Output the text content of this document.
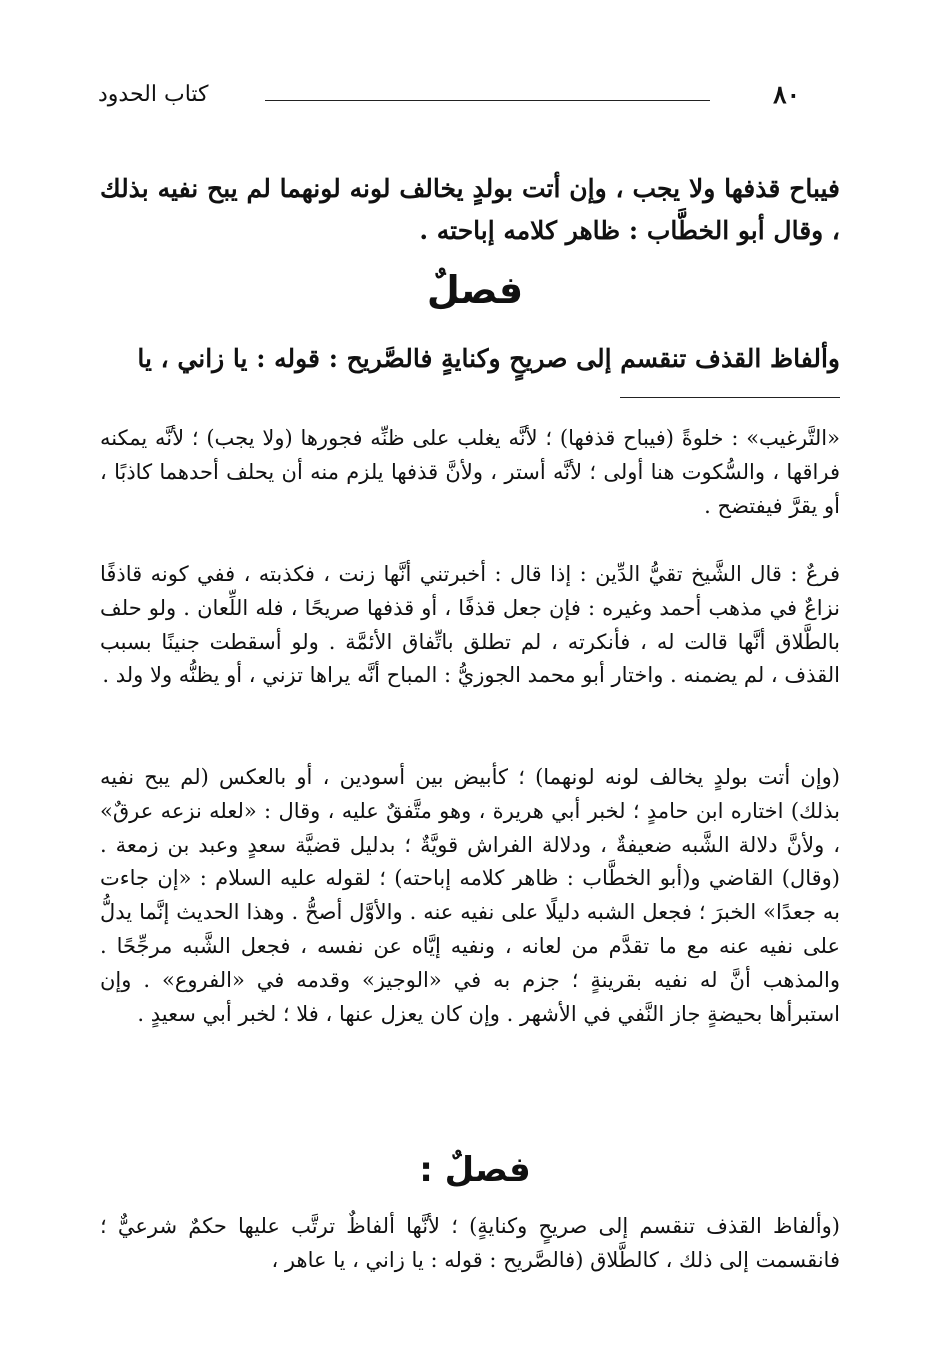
٨٠
كتاب الحدود
فيباح قذفها ولا يجب ، وإن أتت بولدٍ يخالف لونه لونهما لم يبح نفيه بذلك ، وقال أبو الخطَّاب : ظاهر كلامه إباحته .
فصلٌ
وألفاظ القذف تنقسم إلى صريحٍ وكنايةٍ فالصَّريح : قوله : يا زاني ، يا
«التَّرغيب» : خلوةً (فيباح قذفها) ؛ لأنَّه يغلب على ظنِّه فجورها (ولا يجب) ؛ لأنَّه يمكنه فراقها ، والسُّكوت هنا أولى ؛ لأنَّه أستر ، ولأنَّ قذفها يلزم منه أن يحلف أحدهما كاذبًا ، أو يقرَّ فيفتضح .
فرعٌ : قال الشَّيخ تقيُّ الدِّين : إذا قال : أخبرتني أنَّها زنت ، فكذبته ، ففي كونه قاذفًا نزاعٌ في مذهب أحمد وغيره : فإن جعل قذفًا ، أو قذفها صريحًا ، فله اللِّعان . ولو حلف بالطَّلاق أنَّها قالت له ، فأنكرته ، لم تطلق باتِّفاق الأئمَّة . ولو أسقطت جنينًا بسبب القذف ، لم يضمنه . واختار أبو محمد الجوزيُّ : المباح أنَّه يراها تزني ، أو يظنُّه ولا ولد .
(وإن أتت بولدٍ يخالف لونه لونهما) ؛ كأبيض بين أسودين ، أو بالعكس (لم يبح نفيه بذلك) اختاره ابن حامدٍ ؛ لخبر أبي هريرة ، وهو متَّفقٌ عليه ، وقال : «لعله نزعه عرقٌ» ، ولأنَّ دلالة الشَّبه ضعيفةٌ ، ودلالة الفراش قويَّةٌ ؛ بدليل قضيَّة سعدٍ وعبد بن زمعة . (وقال) القاضي و(أبو الخطَّاب : ظاهر كلامه إباحته) ؛ لقوله عليه السلام : «إن جاءت به جعدًا» الخبرَ ؛ فجعل الشبه دليلًا على نفيه عنه . والأوَّل أصحُّ . وهذا الحديث إنَّما يدلُّ على نفيه عنه مع ما تقدَّم من لعانه ، ونفيه إيَّاه عن نفسه ، فجعل الشَّبه مرجِّحًا . والمذهب أنَّ له نفيه بقرينةٍ ؛ جزم به في «الوجيز» وقدمه في «الفروع» . وإن استبرأها بحيضةٍ جاز النَّفي في الأشهر . وإن كان يعزل عنها ، فلا ؛ لخبر أبي سعيدٍ .
فصلٌ :
(وألفاظ القذف تنقسم إلى صريحٍ وكنايةٍ) ؛ لأنَّها ألفاظٌ ترتَّب عليها حكمٌ شرعيٌّ ؛ فانقسمت إلى ذلك ، كالطَّلاق (فالصَّريح : قوله : يا زاني ، يا عاهر ،
